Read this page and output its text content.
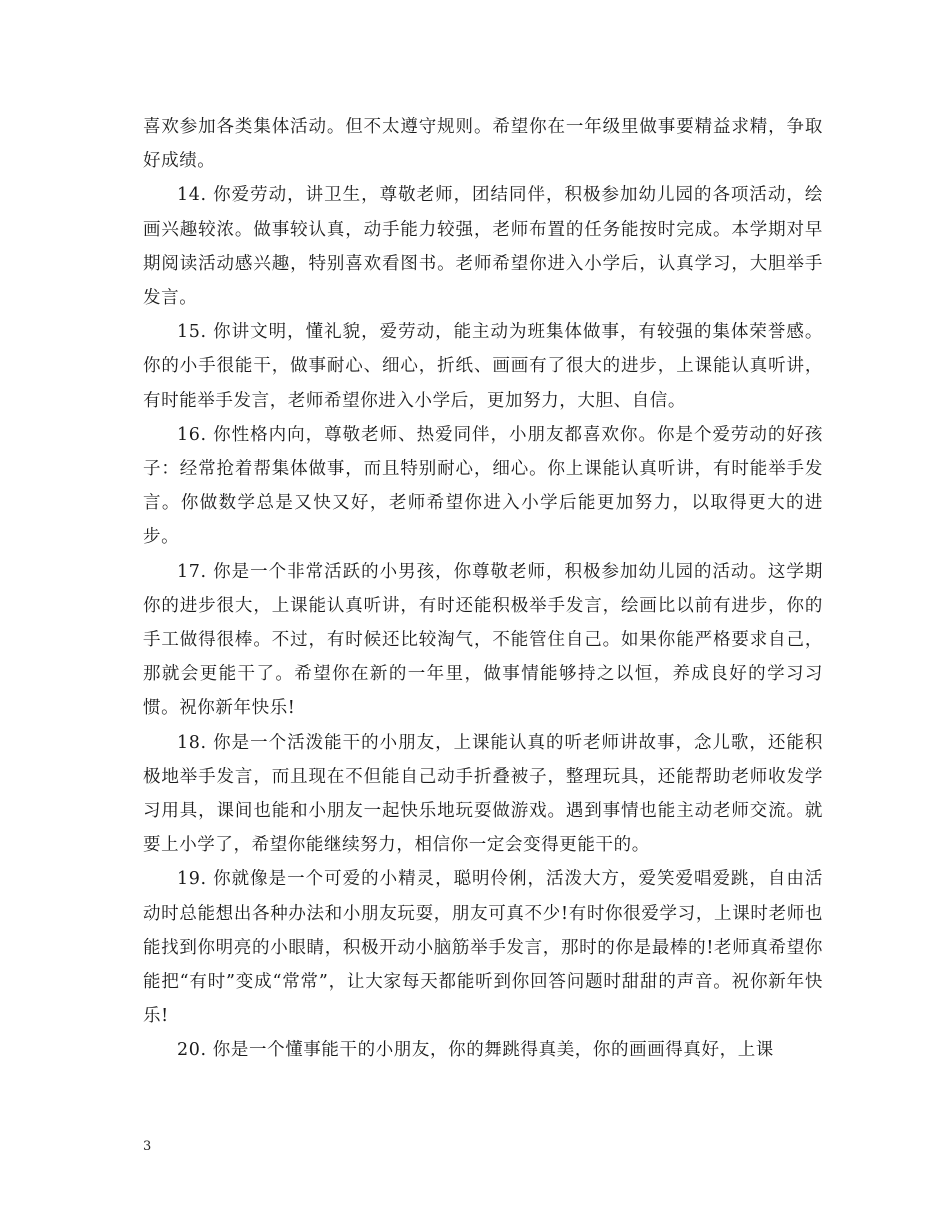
喜欢参加各类集体活动。但不太遵守规则。希望你在一年级里做事要精益求精，争取好成绩。

14. 你爱劳动，讲卫生，尊敬老师，团结同伴，积极参加幼儿园的各项活动，绘画兴趣较浓。做事较认真，动手能力较强，老师布置的任务能按时完成。本学期对早期阅读活动感兴趣，特别喜欢看图书。老师希望你进入小学后，认真学习，大胆举手发言。

15. 你讲文明，懂礼貌，爱劳动，能主动为班集体做事，有较强的集体荣誉感。你的小手很能干，做事耐心、细心，折纸、画画有了很大的进步，上课能认真听讲，有时能举手发言，老师希望你进入小学后，更加努力，大胆、自信。

16. 你性格内向，尊敬老师、热爱同伴，小朋友都喜欢你。你是个爱劳动的好孩子：经常抢着帮集体做事，而且特别耐心，细心。你上课能认真听讲，有时能举手发言。你做数学总是又快又好，老师希望你进入小学后能更加努力，以取得更大的进步。

17. 你是一个非常活跃的小男孩，你尊敬老师，积极参加幼儿园的活动。这学期你的进步很大，上课能认真听讲，有时还能积极举手发言，绘画比以前有进步，你的手工做得很棒。不过，有时候还比较淘气，不能管住自己。如果你能严格要求自己，那就会更能干了。希望你在新的一年里，做事情能够持之以恒，养成良好的学习习惯。祝你新年快乐!

18. 你是一个活泼能干的小朋友，上课能认真的听老师讲故事，念儿歌，还能积极地举手发言，而且现在不但能自己动手折叠被子，整理玩具，还能帮助老师收发学习用具，课间也能和小朋友一起快乐地玩耍做游戏。遇到事情也能主动老师交流。就要上小学了，希望你能继续努力，相信你一定会变得更能干的。

19. 你就像是一个可爱的小精灵，聪明伶俐，活泼大方，爱笑爱唱爱跳，自由活动时总能想出各种办法和小朋友玩耍，朋友可真不少!有时你很爱学习，上课时老师也能找到你明亮的小眼睛，积极开动小脑筋举手发言，那时的你是最棒的!老师真希望你能把“有时”变成“常常”，让大家每天都能听到你回答问题时甜甜的声音。祝你新年快乐!

20. 你是一个懂事能干的小朋友，你的舞跳得真美，你的画画得真好，上课

3
